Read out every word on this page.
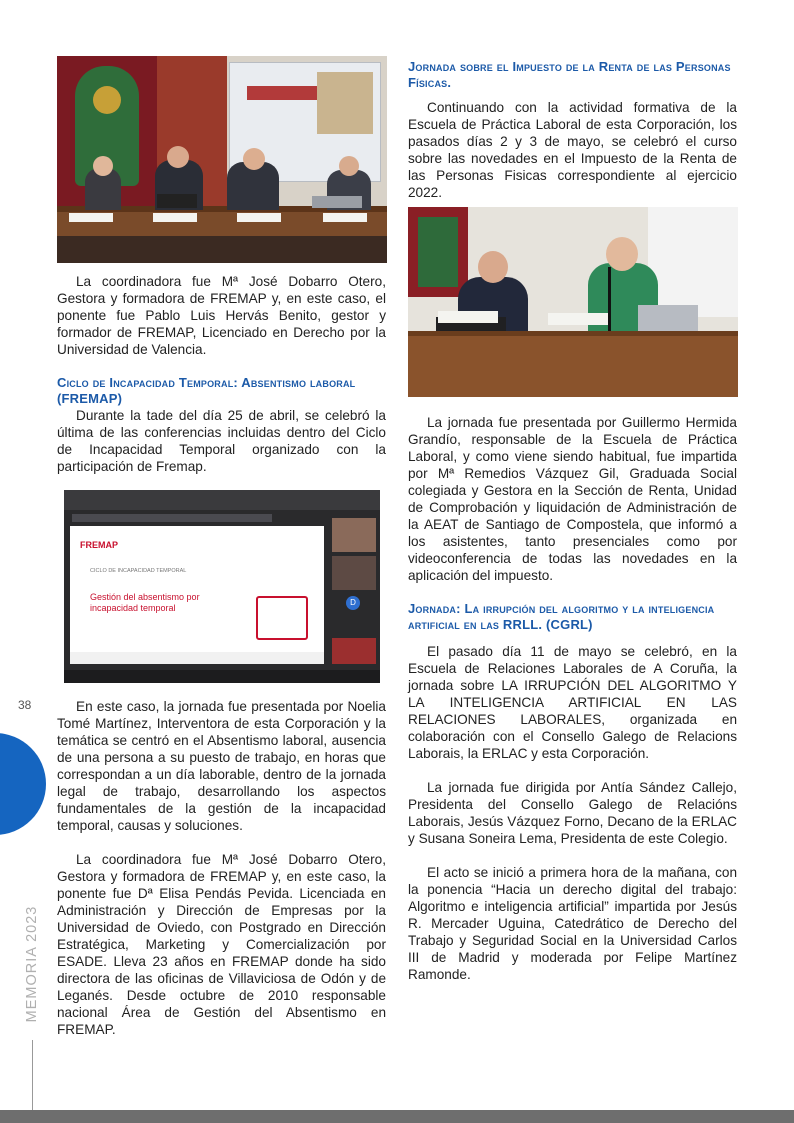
La coordinadora fue Mª José Dobarro Otero, Gestora y formadora de FREMAP y, en este caso, el ponente fue Pablo Luis Hervás Benito, gestor y formador de FREMAP, Licenciado en Derecho por la Universidad de Valencia.

Ciclo de Incapacidad Temporal: Absentismo laboral (FREMAP)

Durante la tade del día 25 de abril, se celebró la última de las conferencias incluidas dentro del Ciclo de Incapacidad Temporal organizado con la participación de Fremap.

FREMAP
CICLO DE INCAPACIDAD TEMPORAL
Gestión del absentismo por incapacidad temporal
D

En este caso, la jornada fue presentada por Noelia Tomé Martínez, Interventora de esta Corporación y la temática se centró en el Absentismo laboral, ausencia de una persona a su puesto de trabajo, en horas que correspondan a un día laborable, dentro de la jornada legal de trabajo, desarrollando los aspectos fundamentales de la gestión de la incapacidad temporal, causas y soluciones.

La coordinadora fue Mª José Dobarro Otero, Gestora y formadora de FREMAP y, en este caso, la ponente fue Dª Elisa Pendás Pevida. Licenciada en Administración y Dirección de Empresas por la Universidad de Oviedo, con Postgrado en Dirección Estratégica, Marketing y Comercialización por ESADE. Lleva 23 años en FREMAP donde ha sido directora de las oficinas de Villaviciosa de Odón y de Leganés. Desde octubre de 2010 responsable nacional Área de Gestión del Absentismo en FREMAP.

Jornada sobre el Impuesto de la Renta de las Personas Físicas.

Continuando con la actividad formativa de la Escuela de Práctica Laboral de esta Corporación, los pasados días 2 y 3 de mayo, se celebró el curso sobre las novedades en el Impuesto de la Renta de las Personas Fisicas correspondiente al ejercicio 2022.

La jornada fue presentada por Guillermo Hermida Grandío, responsable de la Escuela de Práctica Laboral, y como viene siendo habitual, fue impartida por Mª Remedios Vázquez Gil, Graduada Social colegiada y Gestora en la Sección de Renta, Unidad de Comprobación y liquidación de Administración de la AEAT de Santiago de Compostela, que informó a los asistentes, tanto presenciales como por videoconferencia de todas las novedades en la aplicación del impuesto.

Jornada: La irrupción del algoritmo y la inteligencia artificial en las RRLL. (CGRL)

El pasado día 11 de mayo se celebró, en la Escuela de Relaciones Laborales de A Coruña, la jornada sobre LA IRRUPCIÓN DEL ALGORITMO Y LA INTELIGENCIA ARTIFICIAL EN LAS RELACIONES LABORALES, organizada en colaboración con el Consello Galego de Relacions Laborais, la ERLAC y esta Corporación.

La jornada fue dirigida por Antía Sández Callejo, Presidenta del Consello Galego de Relacións Laborais, Jesús Vázquez Forno, Decano de la ERLAC y Susana Soneira Lema, Presidenta de este Colegio.

El acto se inició a primera hora de la mañana, con la ponencia “Hacia un derecho digital del trabajo: Algoritmo e inteligencia artificial” impartida por Jesús R. Mercader Uguina, Catedrático de Derecho del Trabajo y Seguridad Social en la Universidad Carlos III de Madrid y moderada por Felipe Martínez Ramonde.

38
MEMORIA 2023
